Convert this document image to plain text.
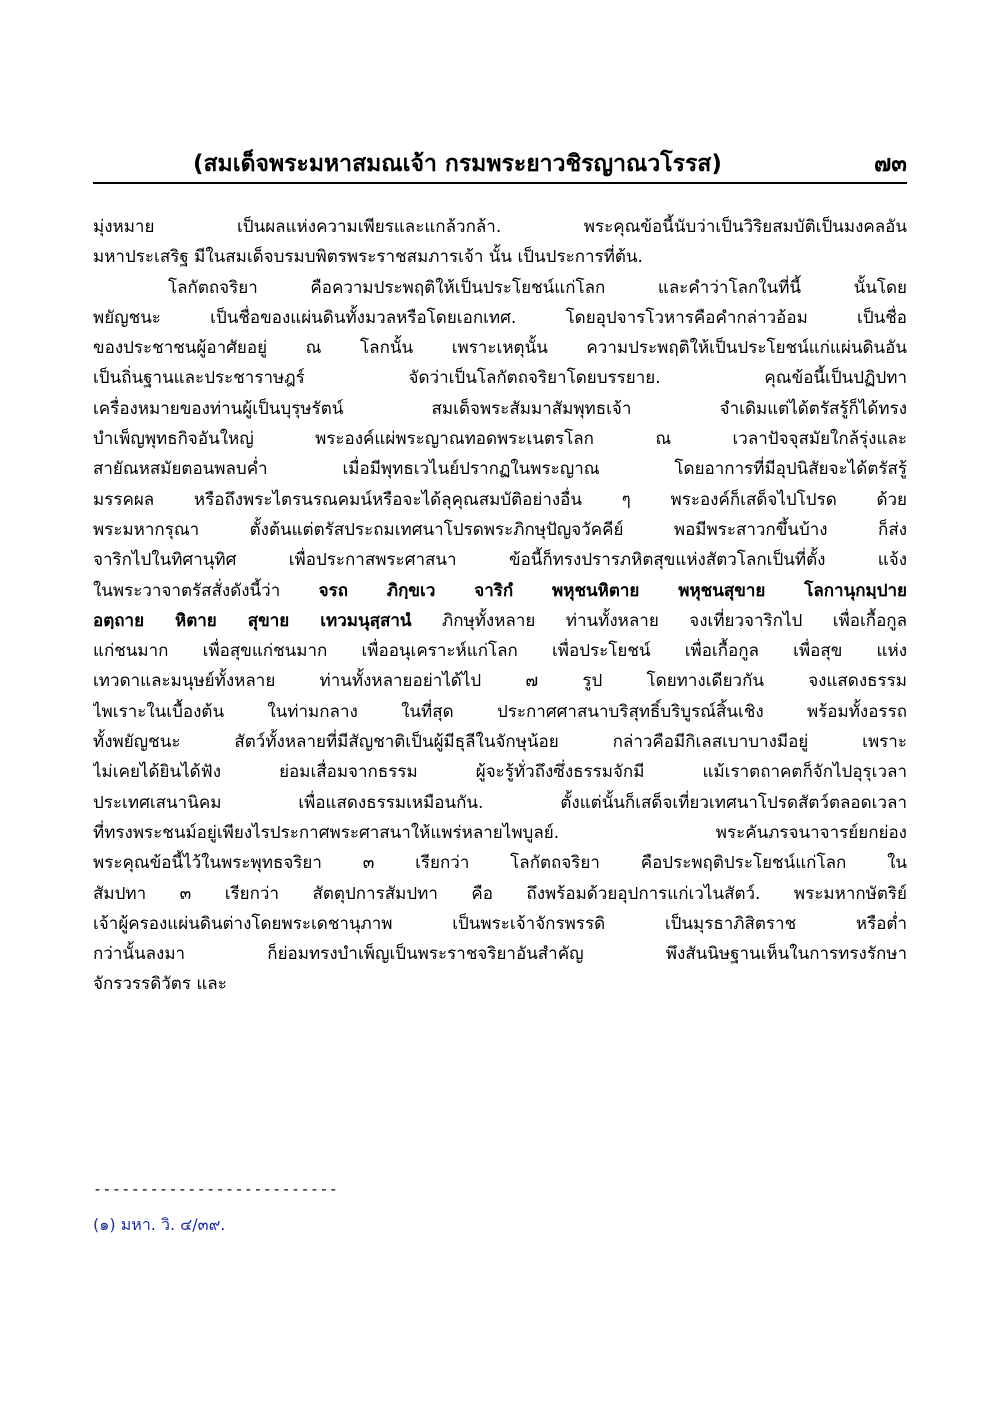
(สมเด็จพระมหาสมณเจ้า กรมพระยาวชิรญาณวโรรส)	๗๓
มุ่งหมาย เป็นผลแห่งความเพียรและแกล้วกล้า. พระคุณข้อนี้นับว่าเป็นวิริยสมบัติเป็นมงคลอัน
มหาประเสริฐ มีในสมเด็จบรมบพิตรพระราชสมภารเจ้า นั้น เป็นประการที่ต้น.
โลกัตถจริยา คือความประพฤติให้เป็นประโยชน์แก่โลก และคำว่าโลกในที่นี้ นั้นโดย
พยัญชนะ เป็นชื่อของแผ่นดินทั้งมวลหรือโดยเอกเทศ. โดยอุปจารโวหารคือคำกล่าวอ้อม เป็นชื่อ
ของประชาชนผู้อาศัยอยู่ ณ โลกนั้น เพราะเหตุนั้น ความประพฤติให้เป็นประโยชน์แก่แผ่นดินอัน
เป็นถิ่นฐานและประชาราษฎร์ จัดว่าเป็นโลกัตถจริยาโดยบรรยาย. คุณข้อนี้เป็นปฏิปทา
เครื่องหมายของท่านผู้เป็นบุรุษรัตน์ สมเด็จพระสัมมาสัมพุทธเจ้า จำเดิมแต่ได้ตรัสรู้ก็ได้ทรง
บำเพ็ญพุทธกิจอันใหญ่ พระองค์แผ่พระญาณทอดพระเนตรโลก ณ เวลาปัจจุสมัยใกล้รุ่งและ
สายัณหสมัยตอนพลบค่ำ เมื่อมีพุทธเวไนย์ปรากฏในพระญาณ โดยอาการที่มีอุปนิสัยจะได้ตรัสรู้
มรรคผล หรือถึงพระไตรนรณคมน์หรือจะได้ลุคุณสมบัติอย่างอื่น ๆ พระองค์ก็เสด็จไปโปรด ด้วย
พระมหากรุณา ตั้งต้นแต่ตรัสประถมเทศนาโปรดพระภิกษุปัญจวัคคีย์ พอมีพระสาวกขึ้นบ้าง ก็ส่ง
จาริกไปในทิศานุทิศ เพื่อประกาสพระศาสนา ข้อนี้ก็ทรงปรารภหิตสุขแห่งสัตวโลกเป็นที่ตั้ง แจ้ง
ในพระวาจาตรัสสั่งดังนี้ว่า จรถ ภิกฺขเว จาริกํ พหุชนหิตาย พหุชนสุขาย โลกานุกมฺปาย
อตฺถาย หิตาย สุขาย เทวมนุสฺสานํ ภิกษุทั้งหลาย ท่านทั้งหลาย จงเที่ยวจาริกไป เพื่อเกื้อกูล
แก่ชนมาก เพื่อสุขแก่ชนมาก เพื่ออนุเคราะห์แก่โลก เพื่อประโยชน์ เพื่อเกื้อกูล เพื่อสุข แห่ง
เทวดาและมนุษย์ทั้งหลาย ท่านทั้งหลายอย่าได้ไป ๗ รูป โดยทางเดียวกัน จงแสดงธรรม
ไพเราะในเบื้องต้น ในท่ามกลาง ในที่สุด ประกาศศาสนาบริสุทธิ์บริบูรณ์สิ้นเชิง พร้อมทั้งอรรถ
ทั้งพยัญชนะ สัตว์ทั้งหลายที่มีสัญชาติเป็นผู้มีธุลีในจักษุน้อย กล่าวคือมีกิเลสเบาบางมีอยู่ เพราะ
ไม่เคยได้ยินได้ฟัง ย่อมเสื่อมจากธรรม ผู้จะรู้ทั่วถึงซึ่งธรรมจักมี แม้เราตถาคตก็จักไปอุรุเวลา
ประเทศเสนานิคม เพื่อแสดงธรรมเหมือนกัน. ตั้งแต่นั้นก็เสด็จเที่ยวเทศนาโปรดสัตว์ตลอดเวลา
ที่ทรงพระชนม์อยู่เพียงไรประกาศพระศาสนาให้แพร่หลายไพบูลย์. พระคันภรจนาจารย์ยกย่อง
พระคุณข้อนี้ไว้ในพระพุทธจริยา ๓ เรียกว่า โลกัตถจริยา คือประพฤติประโยชน์แก่โลก ใน
สัมปทา ๓ เรียกว่า สัตตุปการสัมปทา คือ ถึงพร้อมด้วยอุปการแก่เวไนสัตว์. พระมหากษัตริย์
เจ้าผู้ครองแผ่นดินต่างโดยพระเดชานุภาพ เป็นพระเจ้าจักรพรรดิ เป็นมุรธาภิสิตราช หรือต่ำ
กว่านั้นลงมา ก็ย่อมทรงบำเพ็ญเป็นพระราชจริยาอันสำคัญ พึงสันนิษฐานเห็นในการทรงรักษา
จักรวรรดิวัตร และ
--------------------------
(๑) มหา. วิ. ๔/๓๙.
